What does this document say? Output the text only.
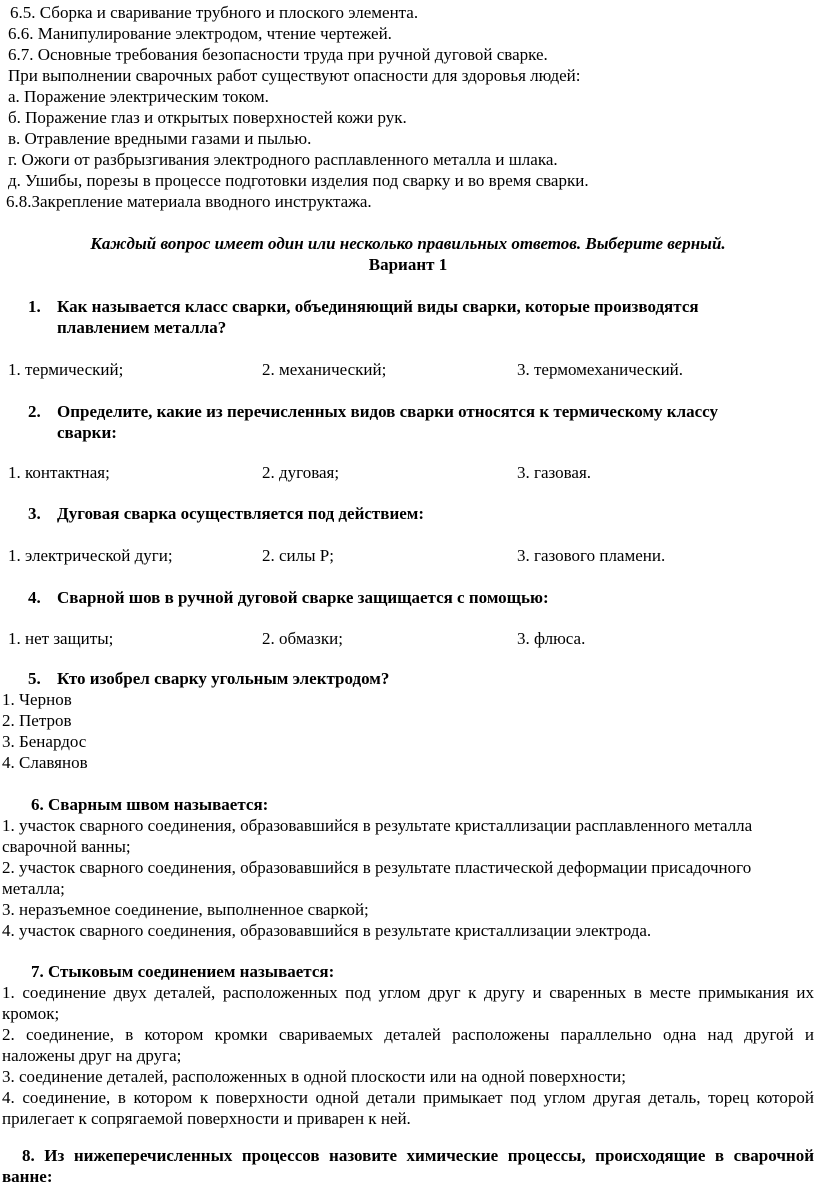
6.5. Сборка и сваривание трубного и плоского элемента.
6.6. Манипулирование электродом, чтение чертежей.
6.7. Основные требования безопасности труда при ручной дуговой сварке.
При выполнении сварочных работ существуют опасности для здоровья людей:
а. Поражение электрическим током.
б. Поражение глаз и открытых поверхностей кожи рук.
в. Отравление вредными газами и пылью.
г. Ожоги от разбрызгивания электродного расплавленного металла и шлака.
д. Ушибы, порезы в процессе подготовки изделия под сварку и во время сварки.
6.8.Закрепление материала вводного инструктажа.
Каждый вопрос имеет один или несколько правильных ответов. Выберите верный.
Вариант 1
1. Как называется класс сварки, объединяющий виды сварки, которые производятся
плавлением металла?
1. термический;	2. механический;	3. термомеханический.
2. Определите, какие из перечисленных видов сварки относятся к термическому классу
сварки:
1. контактная;	2. дуговая;	3. газовая.
3. Дуговая сварка осуществляется под действием:
1. электрической дуги;	2. силы P;	3. газового пламени.
4. Сварной шов в ручной дуговой сварке защищается с помощью:
1. нет защиты;	2. обмазки;	3. флюса.
5. Кто изобрел сварку угольным электродом?
1. Чернов
2. Петров
3. Бенардос
4. Славянов
6. Сварным швом называется:
1. участок сварного соединения, образовавшийся в результате кристаллизации расплавленного металла
сварочной ванны;
2. участок сварного соединения, образовавшийся в результате пластической деформации присадочного
металла;
3. неразъемное соединение, выполненное сваркой;
4. участок сварного соединения, образовавшийся в результате кристаллизации электрода.
7. Стыковым соединением называется:
1. соединение двух деталей, расположенных под углом друг к другу и сваренных в месте примыкания их
кромок;
2. соединение, в котором кромки свариваемых деталей расположены параллельно одна над другой и
наложены друг на друга;
3. соединение деталей, расположенных в одной плоскости или на одной поверхности;
4. соединение, в котором к поверхности одной детали примыкает под углом другая деталь, торец которой
прилегает к сопрягаемой поверхности и приварен к ней.
8. Из нижеперечисленных процессов назовите химические процессы, происходящие в сварочной
ванне:
